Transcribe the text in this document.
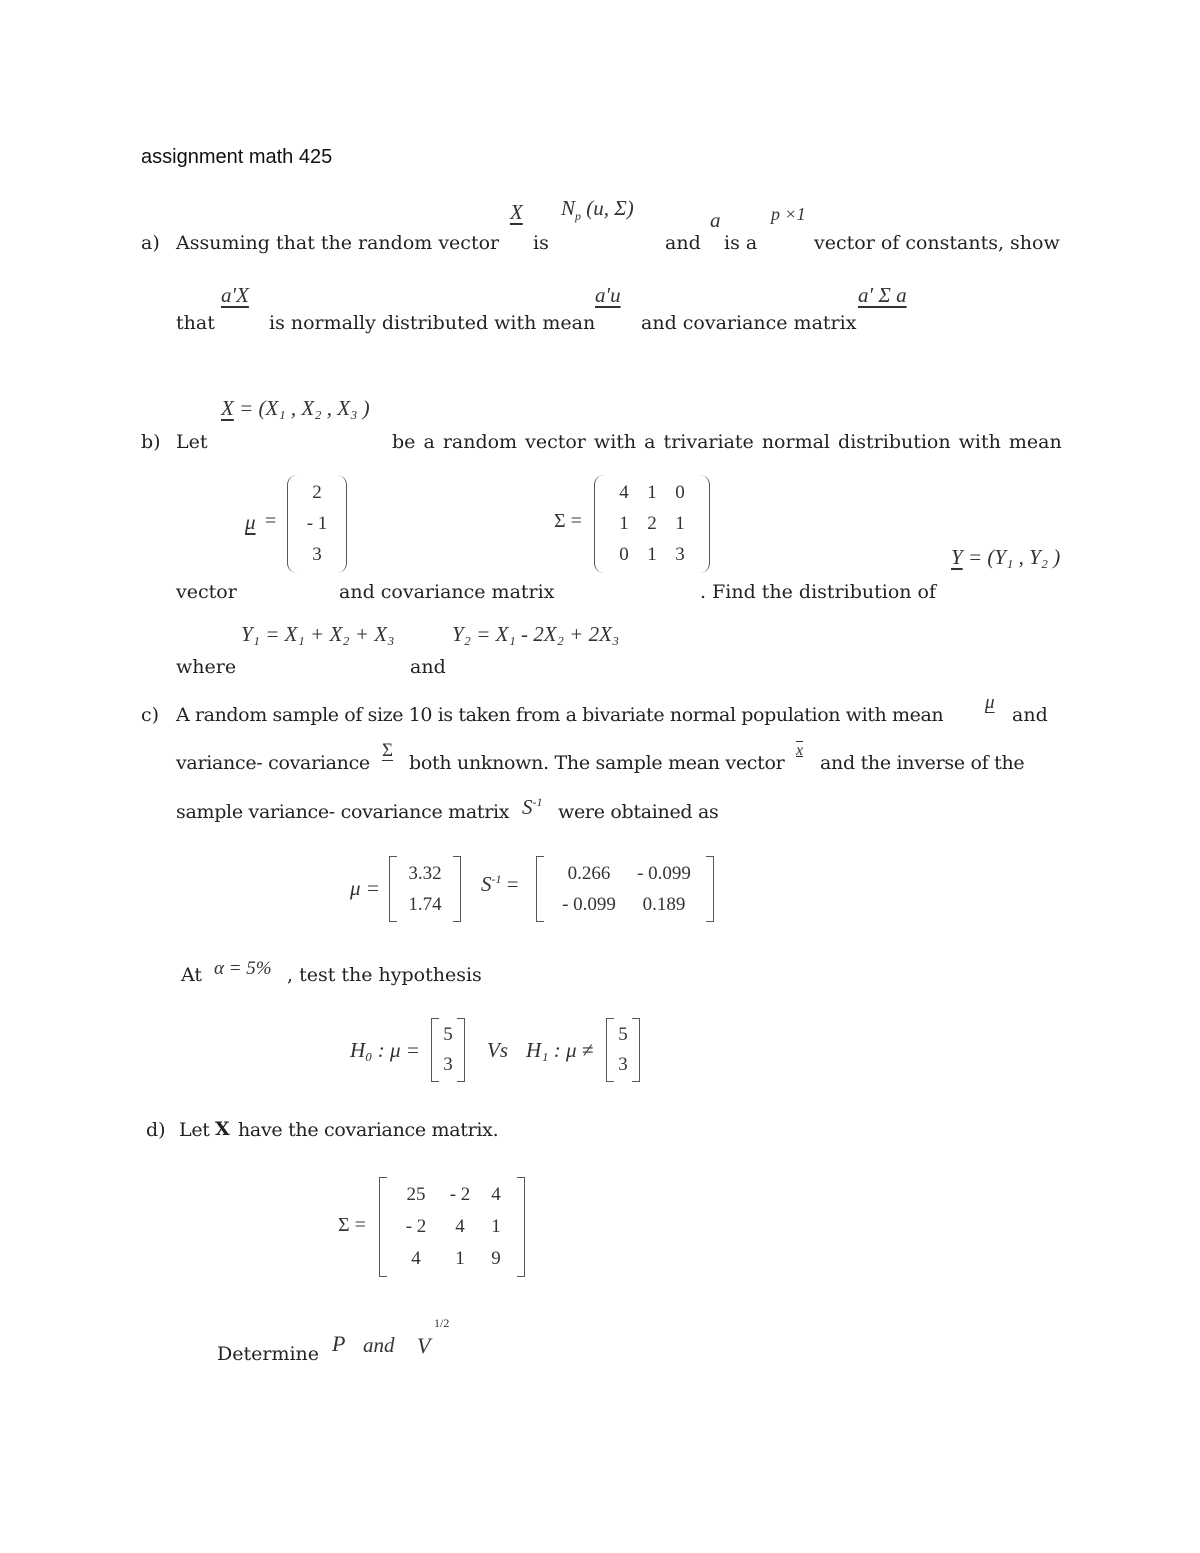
assignment math 425
a) Assuming that the random vector
X
is
$N_p$ (u, Σ)
and
a
is a
p ×1
vector of constants, show
that
a′X
is normally distributed with mean
a′u
and covariance matrix
a′ Σ a
X = (X₁ , X₂ , X₃ )
b) Let	be a random vector with a trivariate normal distribution with mean
μ =
2
- 1
3
Σ =
4 1 0
1 2 1
0 1 3	Y = (Y₁ , Y₂ )
vector	and covariance matrix	. Find the distribution of
Y₁ = X₁ + X₂ + X₃	Y₂ = X₁ - 2X₂ + 2X₃
where	and
c) A random sample of size 10 is taken from a bivariate normal population with mean
μ
and
variance- covariance
Σ
both unknown. The sample mean vector
x
and the inverse of the
sample variance- covariance matrix $S^{-1}$ were obtained as
μ =
3.32
1.74
$S^{-1}$ =	0.266	- 0.099
- 0.099	0.189
At α = 5% , test the hypothesis
H₀ : μ =
5
3
Vs H₁ : μ ≠
5
3
d) Let X have the covariance matrix.
Σ =
25	- 2	4
- 2	4	1
4	1	9
Determine P and V
1/2
